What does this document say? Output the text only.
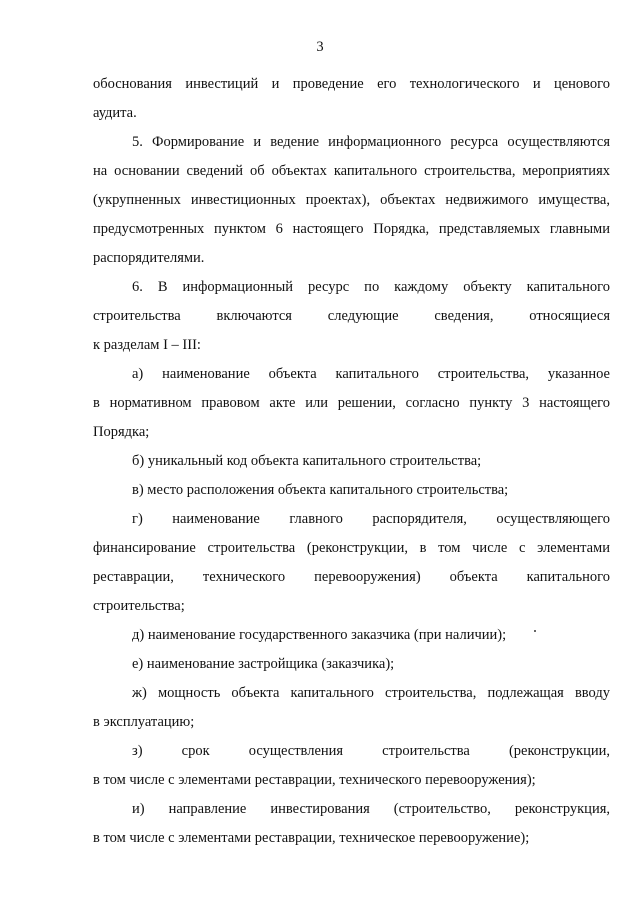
3

обоснования инвестиций и проведение его технологического и ценового
аудита.

5. Формирование и ведение информационного ресурса осуществляются
на основании сведений об объектах капитального строительства, мероприятиях
(укрупненных инвестиционных проектах), объектах недвижимого имущества,
предусмотренных пунктом 6 настоящего Порядка, представляемых главными
распорядителями.

6. В информационный ресурс по каждому объекту капитального
строительства включаются следующие сведения, относящиеся
к разделам I – III:

а) наименование объекта капитального строительства, указанное
в нормативном правовом акте или решении, согласно пункту 3 настоящего
Порядка;

б) уникальный код объекта капитального строительства;

в) место расположения объекта капитального строительства;

г) наименование главного распорядителя, осуществляющего
финансирование строительства (реконструкции, в том числе с элементами
реставрации, технического перевооружения) объекта капитального
строительства;

д) наименование государственного заказчика (при наличии);

е) наименование застройщика (заказчика);

ж) мощность объекта капитального строительства, подлежащая вводу
в эксплуатацию;

з) срок осуществления строительства (реконструкции,
в том числе с элементами реставрации, технического перевооружения);

и) направление инвестирования (строительство, реконструкция,
в том числе с элементами реставрации, техническое перевооружение);
